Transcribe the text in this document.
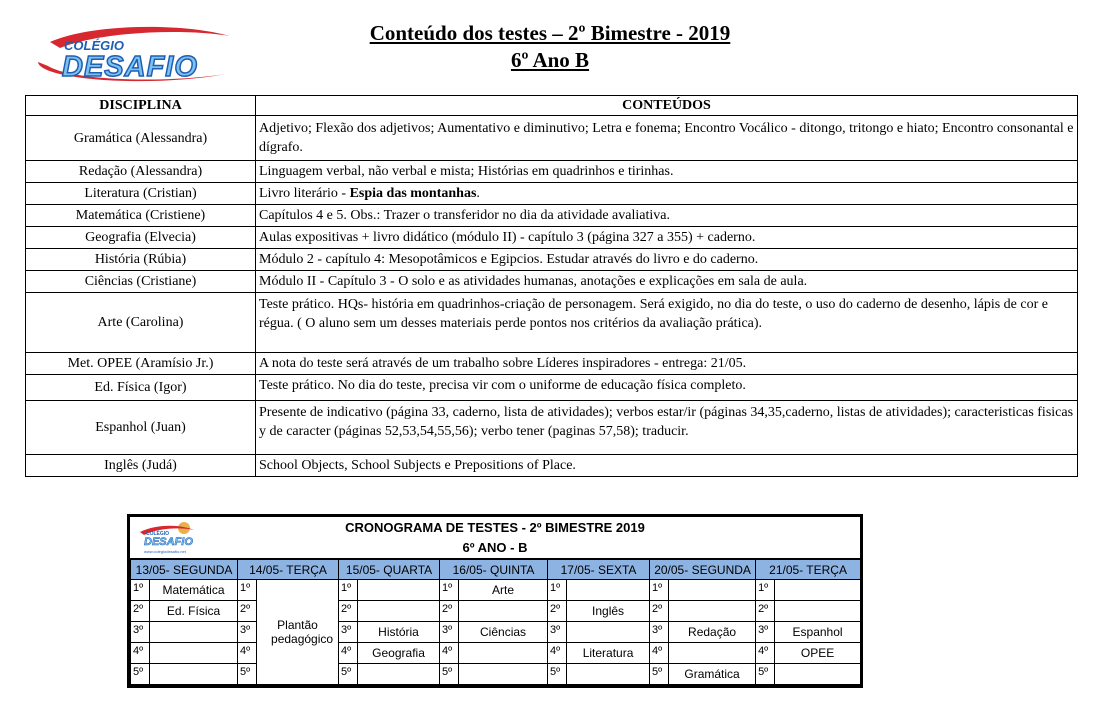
COLÉGIO
DESAFIO
Conteúdo dos testes – 2º Bimestre - 2019
6º Ano B
DISCIPLINA	CONTEÚDOS
Gramática (Alessandra)	Adjetivo; Flexão dos adjetivos; Aumentativo e diminutivo; Letra e fonema; Encontro Vocálico - ditongo, tritongo e hiato; Encontro consonantal e dígrafo.
Redação (Alessandra)	Linguagem verbal, não verbal e mista; Histórias em quadrinhos e tirinhas.
Literatura (Cristian)	Livro literário - Espia das montanhas.
Matemática (Cristiene)	Capítulos 4 e 5. Obs.: Trazer o transferidor no dia da atividade avaliativa.
Geografia (Elvecia)	Aulas expositivas + livro didático (módulo II) - capítulo 3 (página 327 a 355) + caderno.
História (Rúbia)	Módulo 2 - capítulo 4: Mesopotâmicos e Egipcios. Estudar através do livro e do caderno.
Ciências (Cristiane)	Módulo II - Capítulo 3 - O solo e as atividades humanas, anotações e explicações em sala de aula.
Arte (Carolina)	Teste prático. HQs- história em quadrinhos-criação de personagem. Será exigido, no dia do teste, o uso do caderno de desenho, lápis de cor e régua. ( O aluno sem um desses materiais perde pontos nos critérios da avaliação prática).
Met. OPEE (Aramísio Jr.)	A nota do teste será através de um trabalho sobre Líderes inspiradores - entrega: 21/05.
Ed. Física (Igor)	Teste prático. No dia do teste, precisa vir com o uniforme de educação física completo.
Espanhol (Juan)	Presente de indicativo (página 33, caderno, lista de atividades); verbos estar/ir (páginas 34,35,caderno, listas de atividades); caracteristicas fisicas y de caracter (páginas 52,53,54,55,56); verbo tener (paginas 57,58); traducir.
Inglês (Judá)	School Objects, School Subjects e Prepositions of Place.
COLÉGIO
DESAFIO
www.colegiodesafio.net
CRONOGRAMA DE TESTES - 2º BIMESTRE 2019
6º ANO - B
13/05- SEGUNDA		14/05- TERÇA		15/05- QUARTA		16/05- QUINTA		17/05- SEXTA		20/05- SEGUNDA		21/05- TERÇA	
1º	Matemática	1º	Plantão pedagógico	1º		1º	Arte	1º		1º		1º	
2º	Ed. Física	2º		2º		2º		2º	Inglês	2º		2º	
3º		3º		3º	História	3º	Ciências	3º		3º	Redação	3º	Espanhol
4º		4º		4º	Geografia	4º		4º	Literatura	4º		4º	OPEE
5º		5º		5º		5º		5º		5º	Gramática	5º	
